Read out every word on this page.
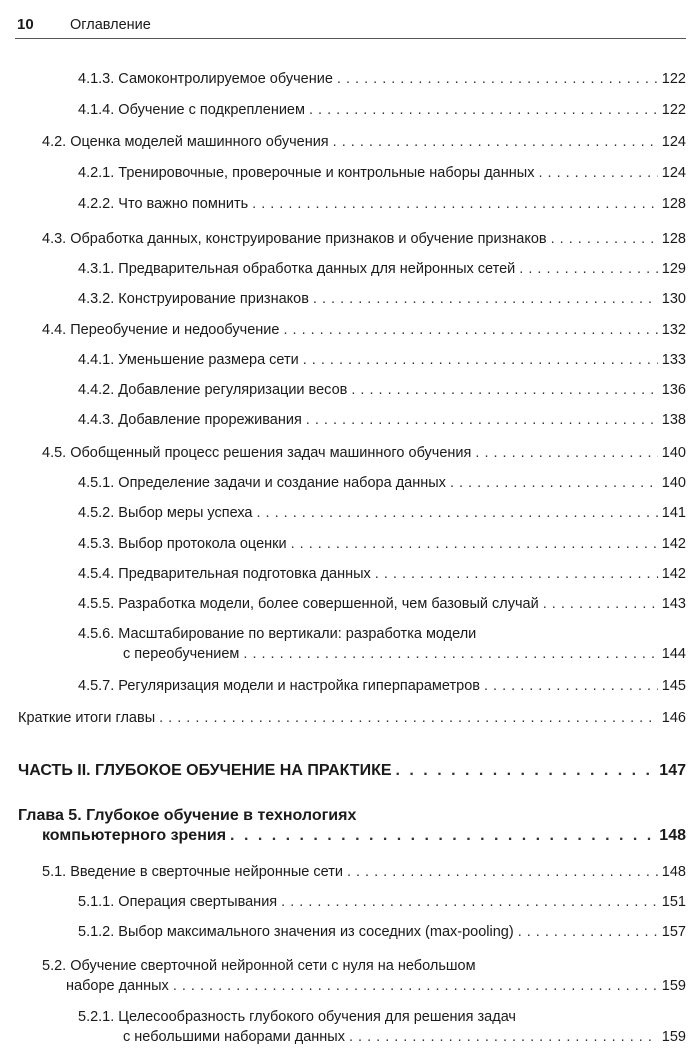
10	Оглавление
4.1.3. Самоконтролируемое обучение . . .	122
4.1.4. Обучение с подкреплением . . .	122
4.2. Оценка моделей машинного обучения . . .	124
4.2.1. Тренировочные, проверочные и контрольные наборы данных . . .	124
4.2.2. Что важно помнить . . .	128
4.3. Обработка данных, конструирование признаков и обучение признаков . . .	128
4.3.1. Предварительная обработка данных для нейронных сетей . . .	129
4.3.2. Конструирование признаков . . .	130
4.4. Переобучение и недообучение . . .	132
4.4.1. Уменьшение размера сети . . .	133
4.4.2. Добавление регуляризации весов . . .	136
4.4.3. Добавление прореживания . . .	138
4.5. Обобщенный процесс решения задач машинного обучения . . .	140
4.5.1. Определение задачи и создание набора данных . . .	140
4.5.2. Выбор меры успеха . . .	141
4.5.3. Выбор протокола оценки . . .	142
4.5.4. Предварительная подготовка данных . . .	142
4.5.5. Разработка модели, более совершенной, чем базовый случай . . .	143
4.5.6. Масштабирование по вертикали: разработка модели
с переобучением . . .	144
4.5.7. Регуляризация модели и настройка гиперпараметров . . .	145
Краткие итоги главы . . .	146
ЧАСТЬ II. ГЛУБОКОЕ ОБУЧЕНИЕ НА ПРАКТИКЕ . . .	147
Глава 5. Глубокое обучение в технологиях
компьютерного зрения . . .	148
5.1. Введение в сверточные нейронные сети . . .	148
5.1.1. Операция свертывания . . .	151
5.1.2. Выбор максимального значения из соседних (max-pooling) . . .	157
5.2. Обучение сверточной нейронной сети с нуля на небольшом
наборе данных . . .	159
5.2.1. Целесообразность глубокого обучения для решения задач
с небольшими наборами данных . . .	159
